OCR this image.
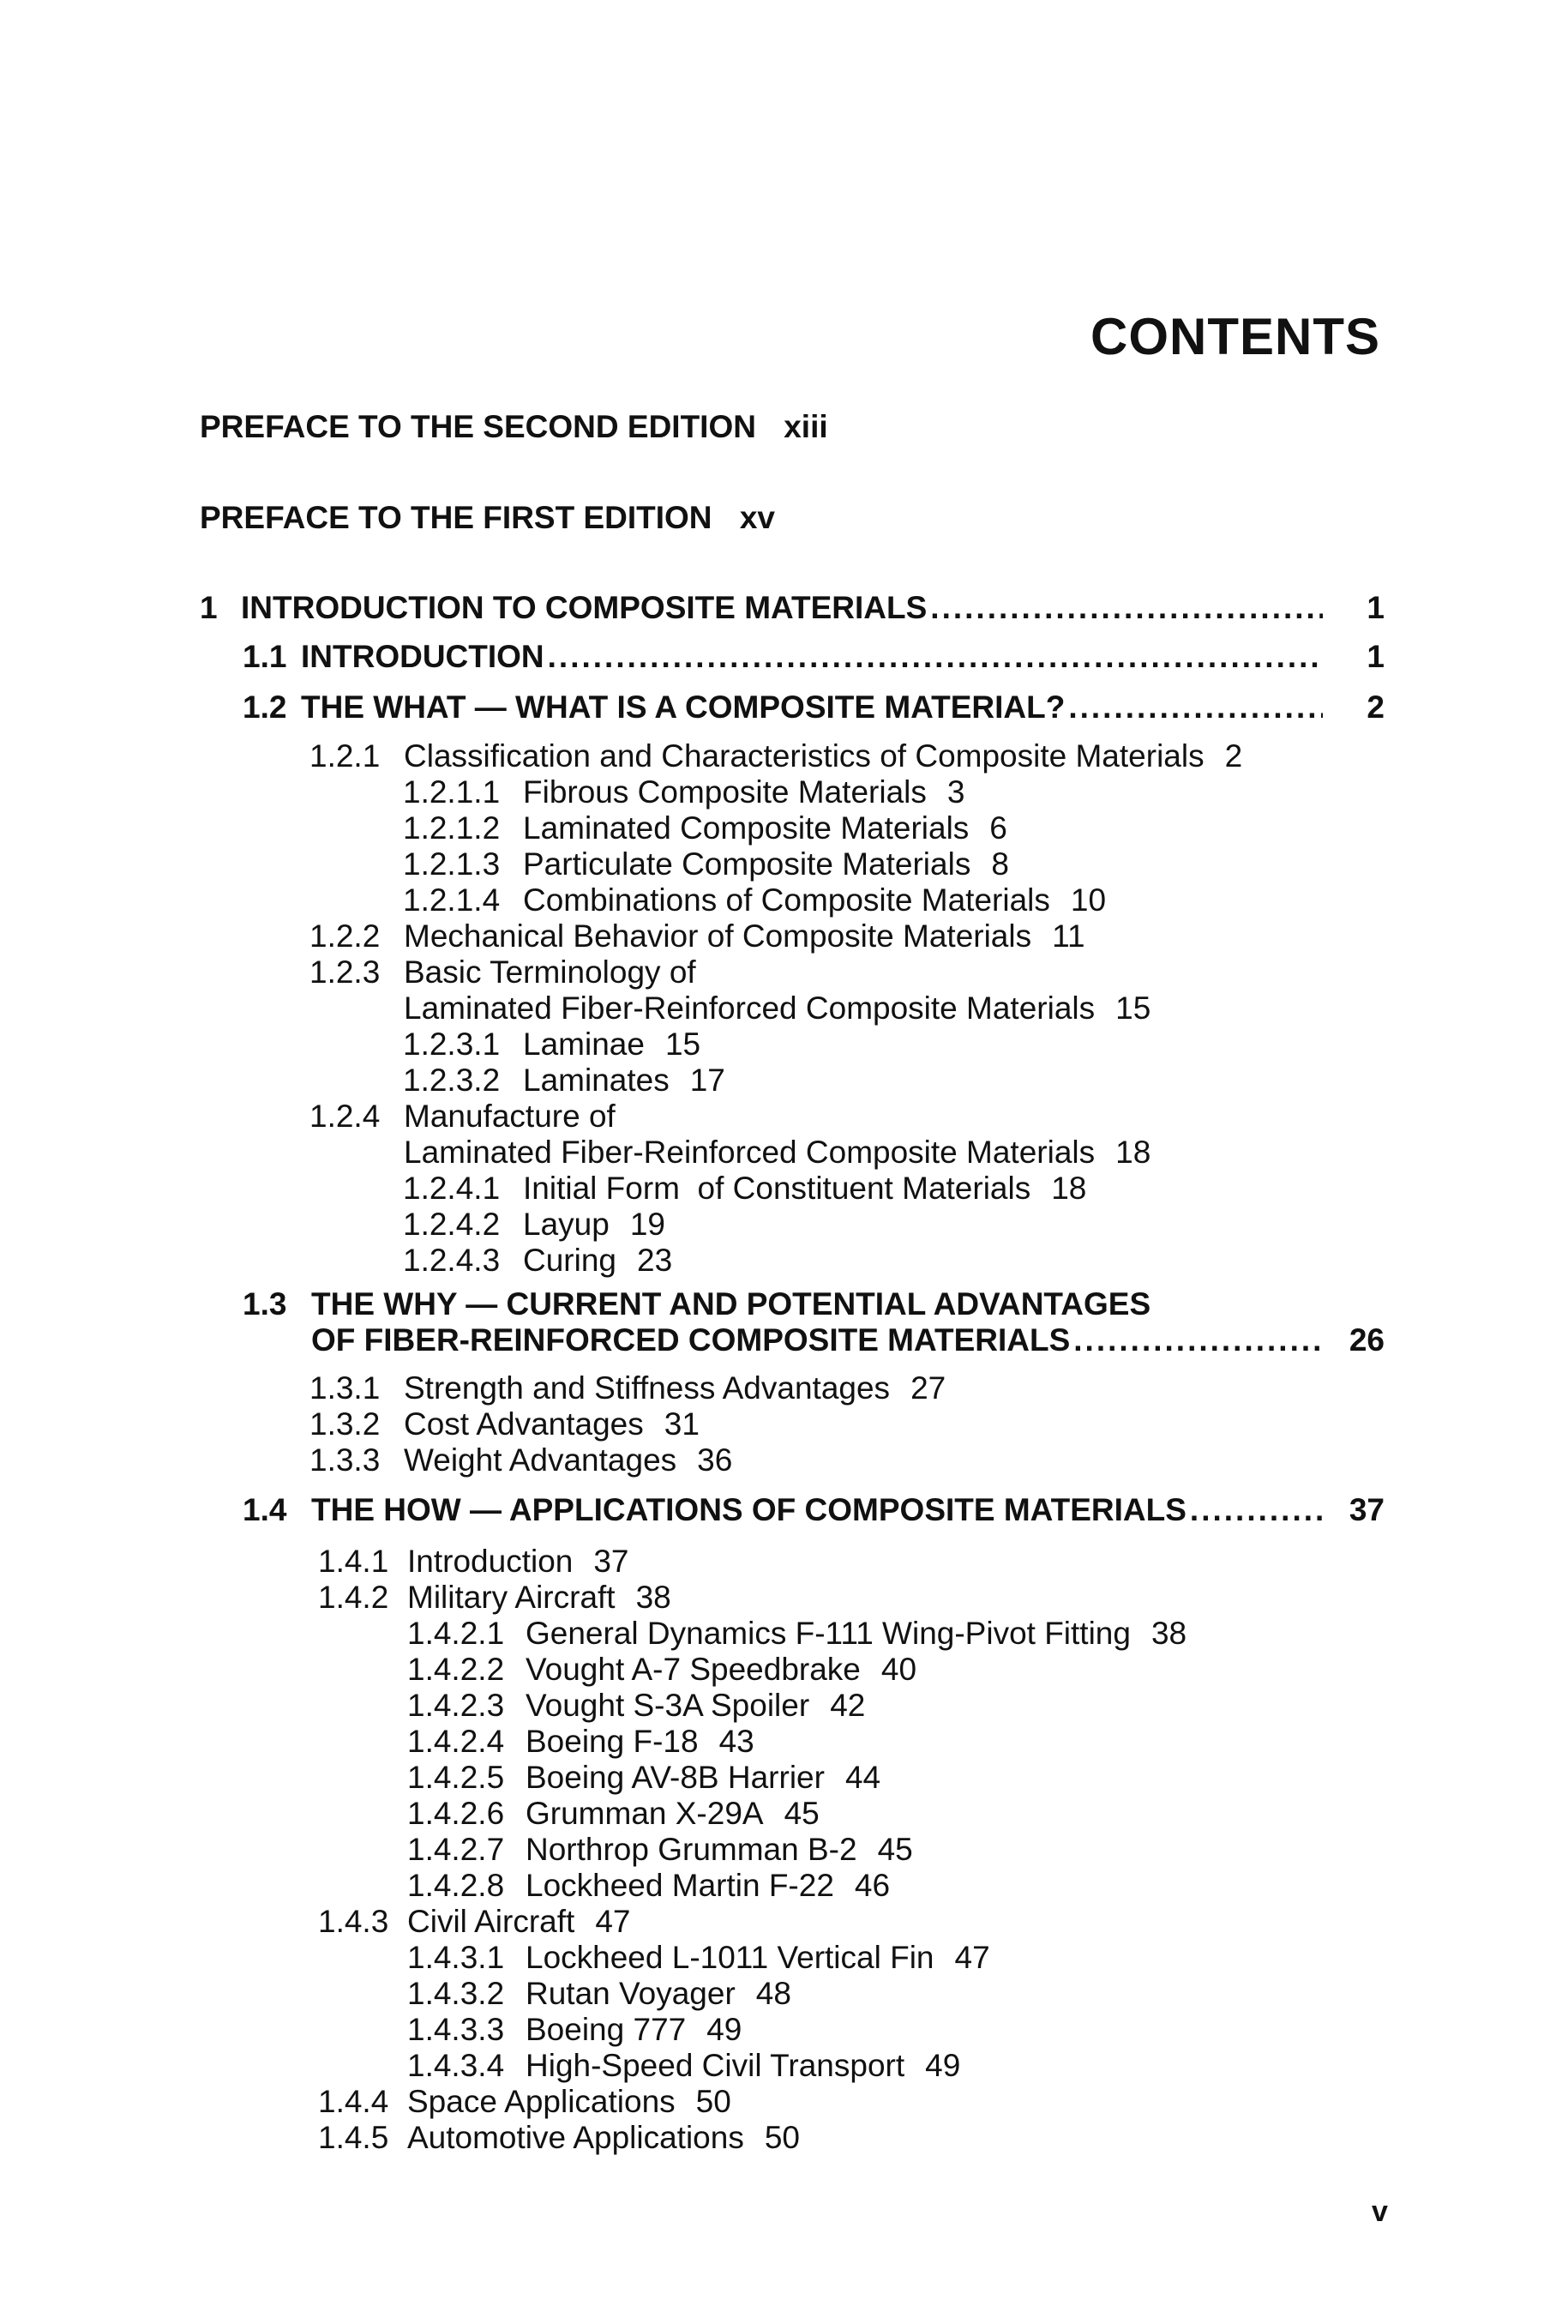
CONTENTS
PREFACE TO THE SECOND EDITION xiii
PREFACE TO THE FIRST EDITION xv
1 INTRODUCTION TO COMPOSITE MATERIALS .....	1
1.1 INTRODUCTION .....	1
1.2 THE WHAT — WHAT IS A COMPOSITE MATERIAL? .....	2
1.2.1 Classification and Characteristics of Composite Materials 2
1.2.1.1 Fibrous Composite Materials 3
1.2.1.2 Laminated Composite Materials 6
1.2.1.3 Particulate Composite Materials 8
1.2.1.4 Combinations of Composite Materials 10
1.2.2 Mechanical Behavior of Composite Materials 11
1.2.3 Basic Terminology of
Laminated Fiber-Reinforced Composite Materials 15
1.2.3.1 Laminae 15
1.2.3.2 Laminates 17
1.2.4 Manufacture of
Laminated Fiber-Reinforced Composite Materials 18
1.2.4.1 Initial Form  of Constituent Materials 18
1.2.4.2 Layup 19
1.2.4.3 Curing 23
1.3 THE WHY — CURRENT AND POTENTIAL ADVANTAGES
OF FIBER-REINFORCED COMPOSITE MATERIALS .....	26
1.3.1 Strength and Stiffness Advantages 27
1.3.2 Cost Advantages 31
1.3.3 Weight Advantages 36
1.4 THE HOW — APPLICATIONS OF COMPOSITE MATERIALS .....	37
1.4.1 Introduction 37
1.4.2 Military Aircraft 38
1.4.2.1 General Dynamics F-111 Wing-Pivot Fitting 38
1.4.2.2 Vought A-7 Speedbrake 40
1.4.2.3 Vought S-3A Spoiler 42
1.4.2.4 Boeing F-18 43
1.4.2.5 Boeing AV-8B Harrier 44
1.4.2.6 Grumman X-29A 45
1.4.2.7 Northrop Grumman B-2 45
1.4.2.8 Lockheed Martin F-22 46
1.4.3 Civil Aircraft 47
1.4.3.1 Lockheed L-1011 Vertical Fin 47
1.4.3.2 Rutan Voyager 48
1.4.3.3 Boeing 777 49
1.4.3.4 High-Speed Civil Transport 49
1.4.4 Space Applications 50
1.4.5 Automotive Applications 50
v
